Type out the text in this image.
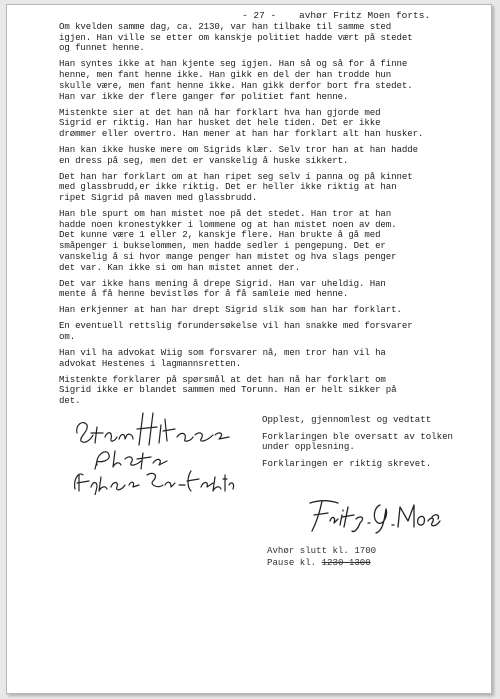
- 27 -    avhør Fritz Moen forts.
Om kvelden samme dag, ca. 2130, var han tilbake til samme sted
igjen. Han ville se etter om kanskje politiet hadde vært på stedet
og funnet henne.
Han syntes ikke at han kjente seg igjen. Han så og så for å finne
henne, men fant henne ikke. Han gikk en del der han trodde hun
skulle være, men fant henne ikke. Han gikk derfor bort fra stedet.
Han var ikke der flere ganger før politiet fant henne.
Mistenkte sier at det han nå har forklart hva han gjorde med
Sigrid er riktig. Han har husket det hele tiden. Det er ikke
drømmer eller overtro. Han mener at han har forklart alt han husker.
Han kan ikke huske mere om Sigrids klær. Selv tror han at han hadde
en dress på seg, men det er vanskelig å huske sikkert.
Det han har forklart om at han ripet seg selv i panna og på kinnet
med glassbrudd,er ikke riktig. Det er heller ikke riktig at han
ripet Sigrid på maven med glassbrudd.
Han ble spurt om han mistet noe på det stedet. Han tror at han
hadde noen kronestykker i lommene og at han mistet noen av dem.
Det kunne være 1 eller 2, kanskje flere. Han brukte å gå med
småpenger i bukselommen, men hadde sedler i pengepung. Det er
vanskelig å si hvor mange penger han mistet og hva slags penger
det var. Kan ikke si om han mistet annet der.
Det var ikke hans mening å drepe Sigrid. Han var uheldig. Han
mente å få henne bevistløs for å få samleie med henne.
Han erkjenner at han har drept Sigrid slik som han har forklart.
En eventuell rettslig forundersøkelse vil han snakke med forsvarer
om.
Han vil ha advokat Wiig som forsvarer nå, men tror han vil ha
advokat Hestenes i lagmannsretten.
Mistenkte forklarer på spørsmål at det han nå har forklart om
Sigrid ikke er blandet sammen med Torunn. Han er helt sikker på
det.
Opplest, gjennomlest og vedtatt
Forklaringen ble oversatt av tolken
under opplesning.
Forklaringen er riktig skrevet.
Avhør slutt kl. 1700
Pause kl. 1230-1300
